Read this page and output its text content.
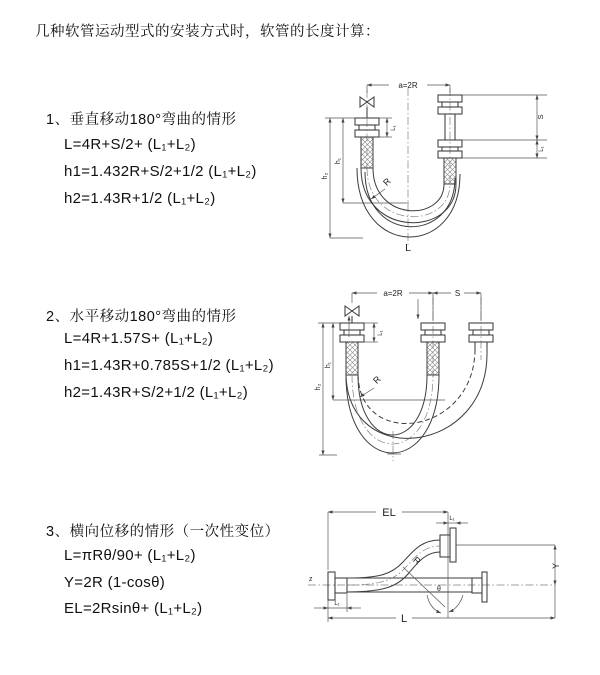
几种软管运动型式的安装方式时，软管的长度计算：
1、垂直移动180°弯曲的情形
L=4R+S/2+ (L₁+L₂)
h1=1.432R+S/2+1/2 (L₁+L₂)
h2=1.43R+1/2 (L₁+L₂)
2、水平移动180°弯曲的情形
L=4R+1.57S+ (L₁+L₂)
h1=1.43R+0.785S+1/2 (L₁+L₂)
h2=1.43R+S/2+1/2 (L₁+L₂)
3、横向位移的情形（一次性变位）
L=πRθ/90+ (L₁+L₂)
Y=2R (1-cosθ)
EL=2Rsinθ+ (L₁+L₂)
a=2R
L₁
S
L₁
h₁
h₂
R
L
a=2R	S
L₁
h₂
h₁
R
z
EL	L₁
Y
R
θ
L
L₁
